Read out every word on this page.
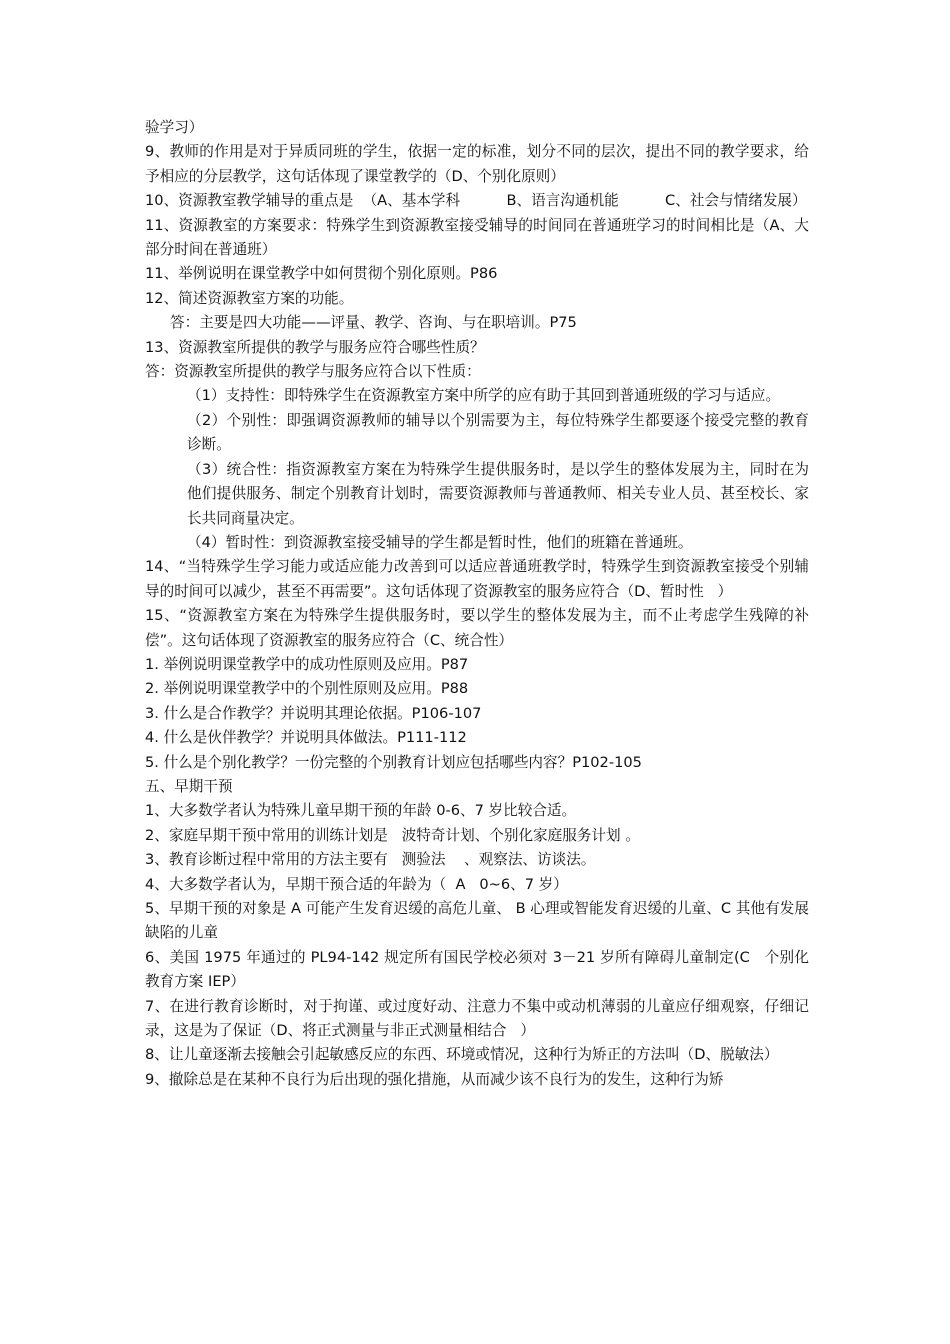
验学习）

9、教师的作用是对于异质同班的学生，依据一定的标准，划分不同的层次，提出不同的教学要求，给予相应的分层教学，这句话体现了课堂教学的（D、个别化原则）

10、资源教室教学辅导的重点是  （A、基本学科          B、语言沟通机能          C、社会与情绪发展）

11、资源教室的方案要求：特殊学生到资源教室接受辅导的时间同在普通班学习的时间相比是（A、大部分时间在普通班）

11、举例说明在课堂教学中如何贯彻个别化原则。P86

12、简述资源教室方案的功能。

答：主要是四大功能——评量、教学、咨询、与在职培训。P75

13、资源教室所提供的教学与服务应符合哪些性质？

答：资源教室所提供的教学与服务应符合以下性质：

（1）支持性：即特殊学生在资源教室方案中所学的应有助于其回到普通班级的学习与适应。

（2）个别性：即强调资源教师的辅导以个别需要为主，每位特殊学生都要逐个接受完整的教育诊断。

（3）统合性：指资源教室方案在为特殊学生提供服务时，是以学生的整体发展为主，同时在为他们提供服务、制定个别教育计划时，需要资源教师与普通教师、相关专业人员、甚至校长、家长共同商量决定。

（4）暂时性：到资源教室接受辅导的学生都是暂时性，他们的班籍在普通班。

14、“当特殊学生学习能力或适应能力改善到可以适应普通班教学时，特殊学生到资源教室接受个别辅导的时间可以减少，甚至不再需要”。这句话体现了资源教室的服务应符合（D、暂时性   ）

15、“资源教室方案在为特殊学生提供服务时，要以学生的整体发展为主，而不止考虑学生残障的补偿”。这句话体现了资源教室的服务应符合（C、统合性）

1. 举例说明课堂教学中的成功性原则及应用。P87

2. 举例说明课堂教学中的个别性原则及应用。P88

3. 什么是合作教学？并说明其理论依据。P106-107

4. 什么是伙伴教学？并说明具体做法。P111-112

5. 什么是个别化教学？一份完整的个别教育计划应包括哪些内容？P102-105

五、早期干预

1、大多数学者认为特殊儿童早期干预的年龄 0-6、7 岁比较合适。

2、家庭早期干预中常用的训练计划是   波特奇计划、个别化家庭服务计划 。

3、教育诊断过程中常用的方法主要有   测验法    、观察法、访谈法。

4、大多数学者认为，早期干预合适的年龄为（  A   0~6、7 岁）

5、早期干预的对象是 A 可能产生发育迟缓的高危儿童、 B 心理或智能发育迟缓的儿童、C 其他有发展缺陷的儿童

6、美国 1975 年通过的 PL94-142 规定所有国民学校必须对 3－21 岁所有障碍儿童制定(C   个别化教育方案 IEP）

7、在进行教育诊断时，对于拘谨、或过度好动、注意力不集中或动机薄弱的儿童应仔细观察，仔细记录，这是为了保证（D、将正式测量与非正式测量相结合   ）

8、让儿童逐渐去接触会引起敏感反应的东西、环境或情况，这种行为矫正的方法叫（D、脱敏法）

9、撤除总是在某种不良行为后出现的强化措施，从而减少该不良行为的发生，这种行为矫
